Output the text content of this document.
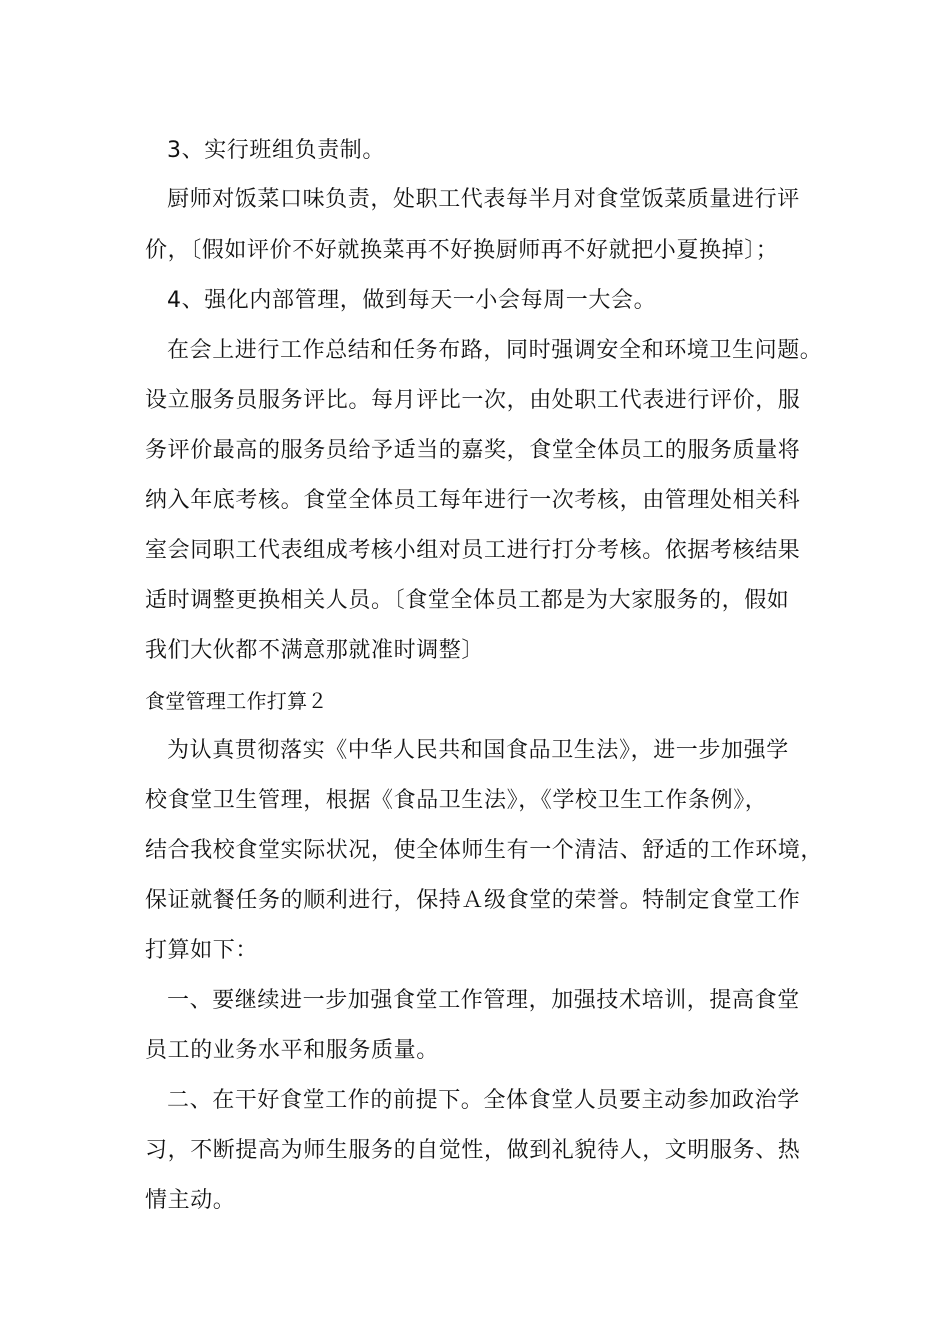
3、实行班组负责制。
厨师对饭菜口味负责，处职工代表每半月对食堂饭菜质量进行评
价，〔假如评价不好就换菜再不好换厨师再不好就把小夏换掉〕；
4、强化内部管理，做到每天一小会每周一大会。
在会上进行工作总结和任务布路，同时强调安全和环境卫生问题。
设立服务员服务评比。每月评比一次，由处职工代表进行评价，服
务评价最高的服务员给予适当的嘉奖，食堂全体员工的服务质量将
纳入年底考核。食堂全体员工每年进行一次考核，由管理处相关科
室会同职工代表组成考核小组对员工进行打分考核。依据考核结果
适时调整更换相关人员。〔食堂全体员工都是为大家服务的，假如
我们大伙都不满意那就准时调整〕
食堂管理工作打算２
为认真贯彻落实《中华人民共和国食品卫生法》，进一步加强学
校食堂卫生管理，根据《食品卫生法》，《学校卫生工作条例》，
结合我校食堂实际状况，使全体师生有一个清洁、舒适的工作环境，
保证就餐任务的顺利进行，保持Ａ级食堂的荣誉。特制定食堂工作
打算如下：
一、要继续进一步加强食堂工作管理，加强技术培训，提高食堂
员工的业务水平和服务质量。
二、在干好食堂工作的前提下。全体食堂人员要主动参加政治学
习，不断提高为师生服务的自觉性，做到礼貌待人，文明服务、热
情主动。
